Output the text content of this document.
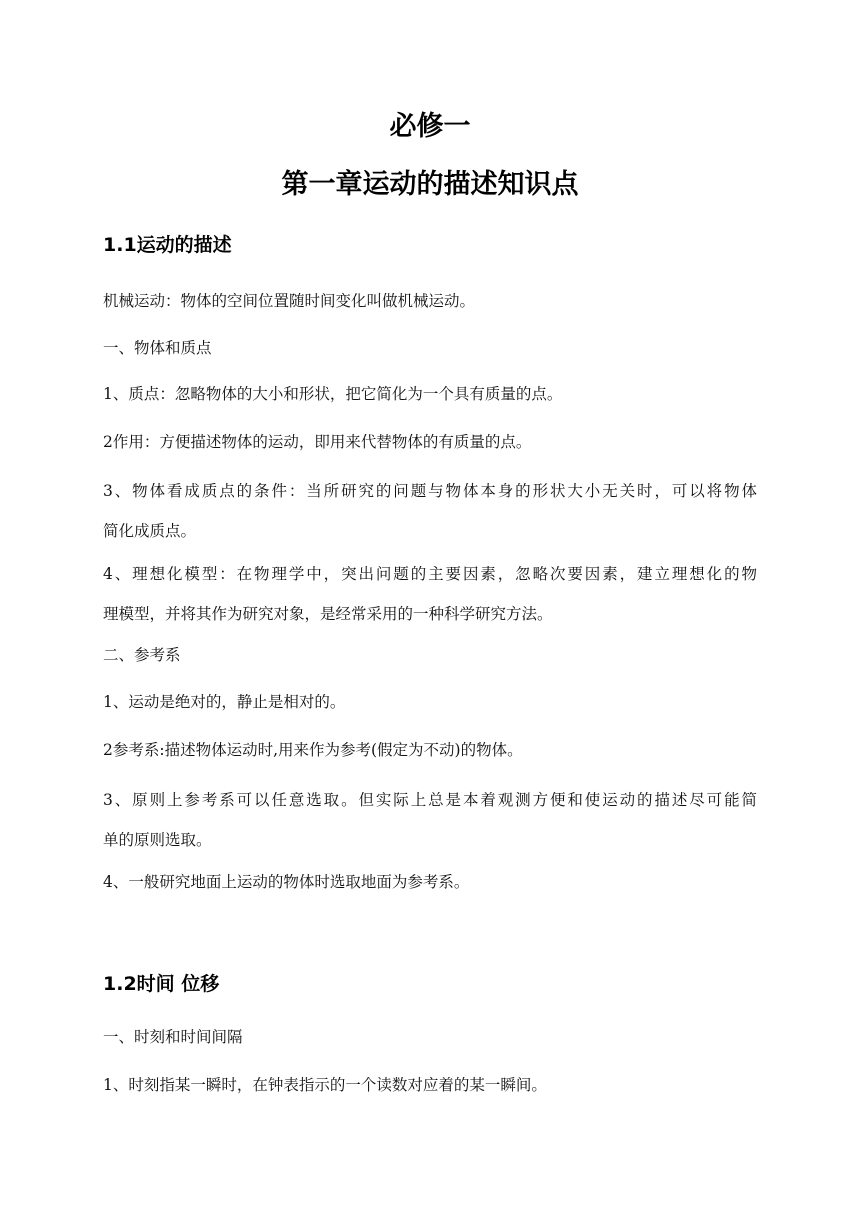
必修一
第一章运动的描述知识点
1.1运动的描述
机械运动：物体的空间位置随时间变化叫做机械运动。
一、物体和质点
1、质点：忽略物体的大小和形状，把它简化为一个具有质量的点。
2作用：方便描述物体的运动，即用来代替物体的有质量的点。
3、物体看成质点的条件：当所研究的问题与物体本身的形状大小无关时，可以将物体
简化成质点。
4、理想化模型：在物理学中，突出问题的主要因素，忽略次要因素，建立理想化的物
理模型，并将其作为研究对象，是经常采用的一种科学研究方法。
二、参考系
1、运动是绝对的，静止是相对的。
2参考系:描述物体运动时,用来作为参考(假定为不动)的物体。
3、原则上参考系可以任意选取。但实际上总是本着观测方便和使运动的描述尽可能简
单的原则选取。
4、一般研究地面上运动的物体时选取地面为参考系。
1.2时间 位移
一、时刻和时间间隔
1、时刻指某一瞬时，在钟表指示的一个读数对应着的某一瞬间。
